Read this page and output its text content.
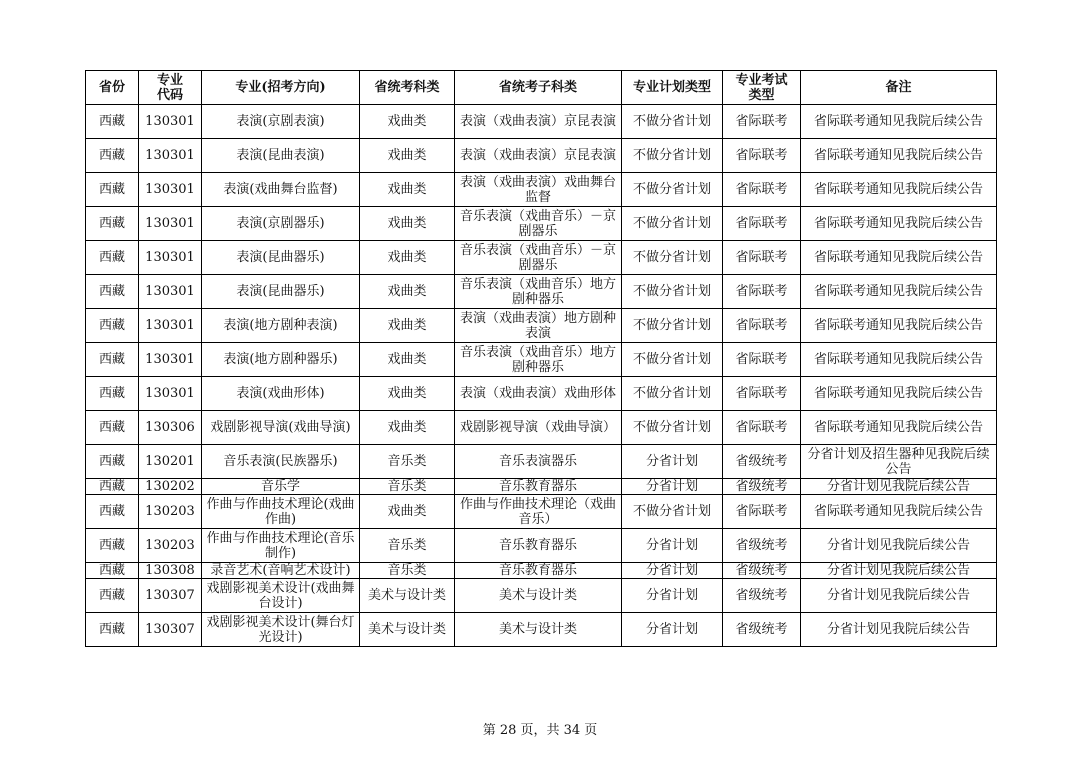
省份	专业代码	专业(招考方向)	省统考科类	省统考子科类	专业计划类型	专业考试类型	备注
西藏	130301	表演(京剧表演)	戏曲类	表演（戏曲表演）京昆表演	不做分省计划	省际联考	省际联考通知见我院后续公告
西藏	130301	表演(昆曲表演)	戏曲类	表演（戏曲表演）京昆表演	不做分省计划	省际联考	省际联考通知见我院后续公告
西藏	130301	表演(戏曲舞台监督)	戏曲类	表演（戏曲表演）戏曲舞台监督	不做分省计划	省际联考	省际联考通知见我院后续公告
西藏	130301	表演(京剧器乐)	戏曲类	音乐表演（戏曲音乐）－京剧器乐	不做分省计划	省际联考	省际联考通知见我院后续公告
西藏	130301	表演(昆曲器乐)	戏曲类	音乐表演（戏曲音乐）－京剧器乐	不做分省计划	省际联考	省际联考通知见我院后续公告
西藏	130301	表演(昆曲器乐)	戏曲类	音乐表演（戏曲音乐）地方剧种器乐	不做分省计划	省际联考	省际联考通知见我院后续公告
西藏	130301	表演(地方剧种表演)	戏曲类	表演（戏曲表演）地方剧种表演	不做分省计划	省际联考	省际联考通知见我院后续公告
西藏	130301	表演(地方剧种器乐)	戏曲类	音乐表演（戏曲音乐）地方剧种器乐	不做分省计划	省际联考	省际联考通知见我院后续公告
西藏	130301	表演(戏曲形体)	戏曲类	表演（戏曲表演）戏曲形体	不做分省计划	省际联考	省际联考通知见我院后续公告
西藏	130306	戏剧影视导演(戏曲导演)	戏曲类	戏剧影视导演（戏曲导演）	不做分省计划	省际联考	省际联考通知见我院后续公告
西藏	130201	音乐表演(民族器乐)	音乐类	音乐表演器乐	分省计划	省级统考	分省计划及招生器种见我院后续公告
西藏	130202	音乐学	音乐类	音乐教育器乐	分省计划	省级统考	分省计划见我院后续公告
西藏	130203	作曲与作曲技术理论(戏曲作曲)	戏曲类	作曲与作曲技术理论（戏曲音乐）	不做分省计划	省际联考	省际联考通知见我院后续公告
西藏	130203	作曲与作曲技术理论(音乐制作)	音乐类	音乐教育器乐	分省计划	省级统考	分省计划见我院后续公告
西藏	130308	录音艺术(音响艺术设计)	音乐类	音乐教育器乐	分省计划	省级统考	分省计划见我院后续公告
西藏	130307	戏剧影视美术设计(戏曲舞台设计)	美术与设计类	美术与设计类	分省计划	省级统考	分省计划见我院后续公告
西藏	130307	戏剧影视美术设计(舞台灯光设计)	美术与设计类	美术与设计类	分省计划	省级统考	分省计划见我院后续公告
第 28 页，共 34 页
